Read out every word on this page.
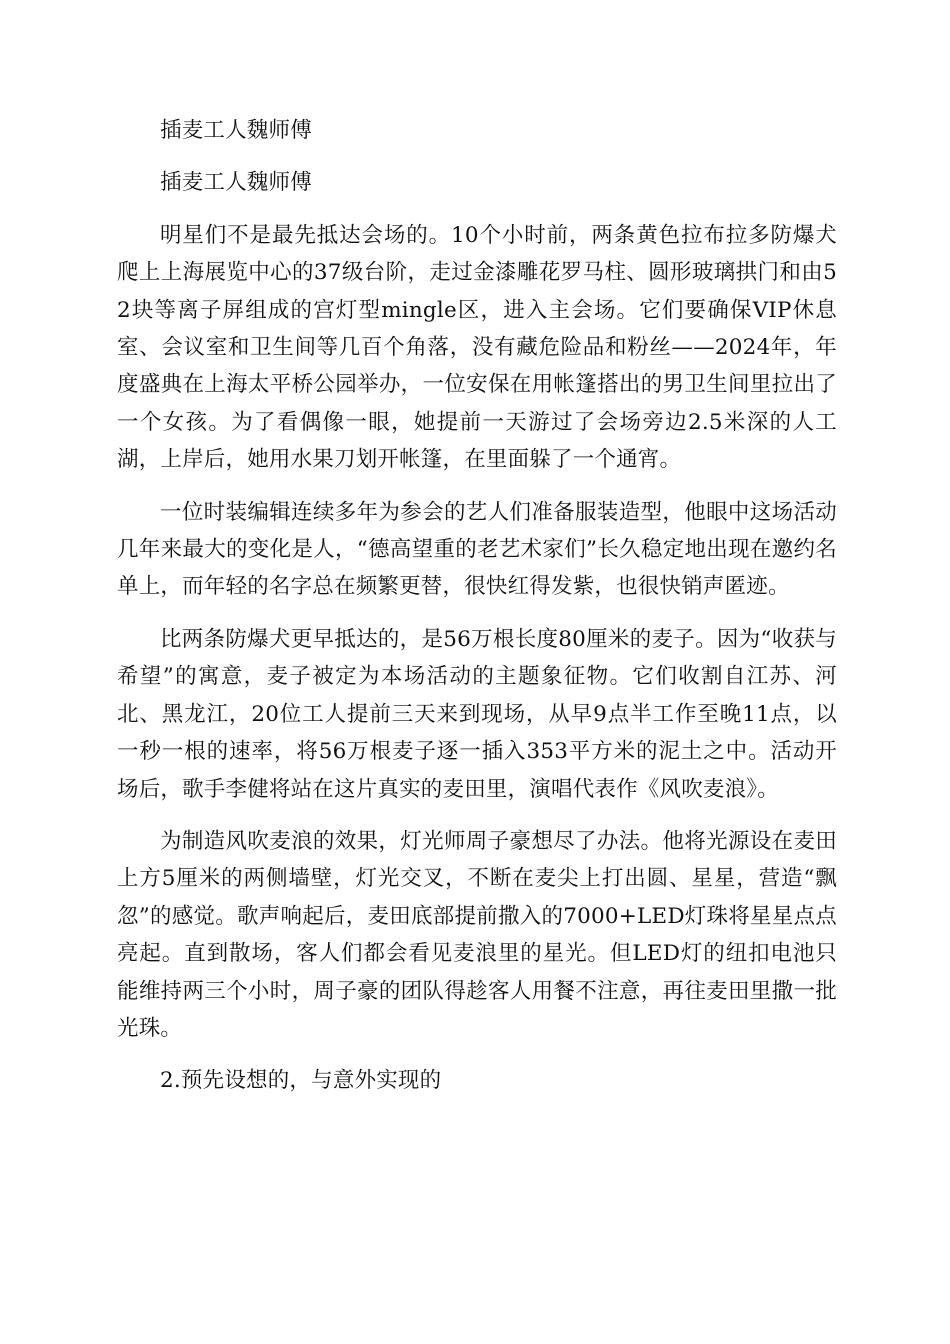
插麦工人魏师傅

插麦工人魏师傅

明星们不是最先抵达会场的。10个小时前，两条黄色拉布拉多防爆犬爬上上海展览中心的37级台阶，走过金漆雕花罗马柱、圆形玻璃拱门和由52块等离子屏组成的宫灯型mingle区，进入主会场。它们要确保VIP休息室、会议室和卫生间等几百个角落，没有藏危险品和粉丝——2024年，年度盛典在上海太平桥公园举办，一位安保在用帐篷搭出的男卫生间里拉出了一个女孩。为了看偶像一眼，她提前一天游过了会场旁边2.5米深的人工湖，上岸后，她用水果刀划开帐篷，在里面躲了一个通宵。

一位时装编辑连续多年为参会的艺人们准备服装造型，他眼中这场活动几年来最大的变化是人，“德高望重的老艺术家们”长久稳定地出现在邀约名单上，而年轻的名字总在频繁更替，很快红得发紫，也很快销声匿迹。

比两条防爆犬更早抵达的，是56万根长度80厘米的麦子。因为“收获与希望”的寓意，麦子被定为本场活动的主题象征物。它们收割自江苏、河北、黑龙江，20位工人提前三天来到现场，从早9点半工作至晚11点，以一秒一根的速率，将56万根麦子逐一插入353平方米的泥土之中。活动开场后，歌手李健将站在这片真实的麦田里，演唱代表作《风吹麦浪》。

为制造风吹麦浪的效果，灯光师周子豪想尽了办法。他将光源设在麦田上方5厘米的两侧墙壁，灯光交叉，不断在麦尖上打出圆、星星，营造“飘忽”的感觉。歌声响起后，麦田底部提前撒入的7000+LED灯珠将星星点点亮起。直到散场，客人们都会看见麦浪里的星光。但LED灯的纽扣电池只能维持两三个小时，周子豪的团队得趁客人用餐不注意，再往麦田里撒一批光珠。

2.预先设想的，与意外实现的
